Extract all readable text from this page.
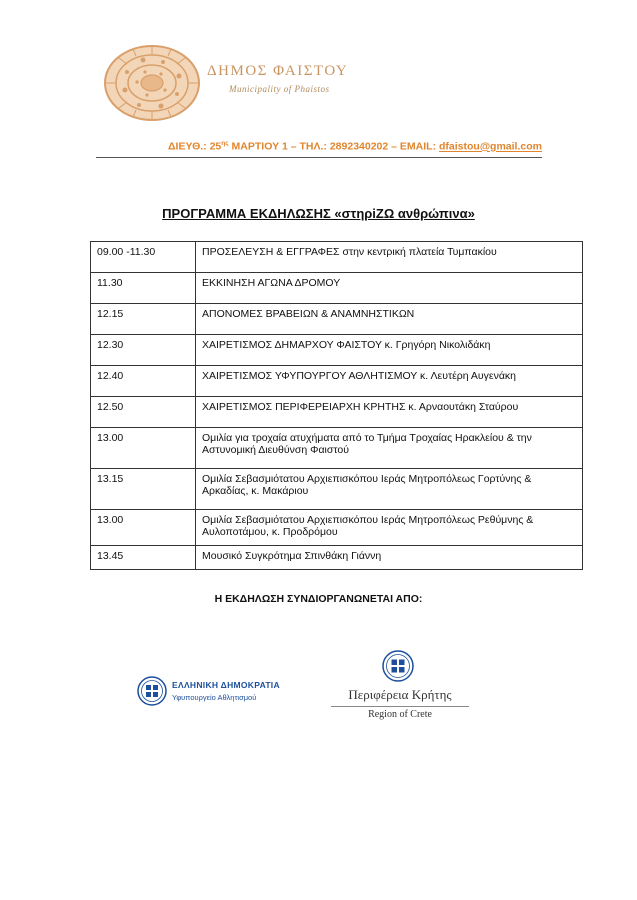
ΔΗΜΟΣ ΦΑΙΣΤΟΥ
Municipality of Phaistos
ΔΙΕΥΘ.: $25^{\eta\varsigma}$ ΜΑΡΤΙΟΥ 1 – ΤΗΛ.: 2892340202 – EMAIL: dfaistou@gmail.com
ΠΡΟΓΡΑΜΜΑ ΕΚΔΗΛΩΣΗΣ «στηρiΖΩ ανθρώπινα»
09.00 -11.30	ΠΡΟΣΕΛΕΥΣΗ & ΕΓΓΡΑΦΕΣ στην κεντρική πλατεία Τυμπακίου
11.30	ΕΚΚΙΝΗΣΗ ΑΓΩΝΑ ΔΡΟΜΟΥ
12.15	ΑΠΟΝΟΜΕΣ ΒΡΑΒΕΙΩΝ & ΑΝΑΜΝΗΣΤΙΚΩΝ
12.30	ΧΑΙΡΕΤΙΣΜΟΣ ΔΗΜΑΡΧΟΥ ΦΑΙΣΤΟΥ κ. Γρηγόρη Νικολιδάκη
12.40	ΧΑΙΡΕΤΙΣΜΟΣ ΥΦΥΠΟΥΡΓΟΥ ΑΘΛΗΤΙΣΜΟΥ κ. Λευτέρη Αυγενάκη
12.50	ΧΑΙΡΕΤΙΣΜΟΣ ΠΕΡΙΦΕΡΕΙΑΡΧΗ ΚΡΗΤΗΣ κ. Αρναουτάκη Σταύρου
13.00	Ομιλία για τροχαία ατυχήματα από το Τμήμα Τροχαίας Ηρακλείου & την Αστυνομική Διευθύνση Φαιστού
13.15	Ομιλία Σεβασμιότατου Αρχιεπισκόπου Ιεράς Μητροπόλεως Γορτύνης & Αρκαδίας, κ. Μακάριου
13.00	Ομιλία Σεβασμιότατου Αρχιεπισκόπου Ιεράς Μητροπόλεως Ρεθύμνης & Αυλοποτάμου, κ. Προδρόμου
13.45	Μουσικό Συγκρότημα Σπινθάκη Γιάννη
Η ΕΚΔΗΛΩΣΗ ΣΥΝΔΙΟΡΓΑΝΩΝΕΤΑΙ ΑΠΟ:
ΕΛΛΗΝΙΚΗ ΔΗΜΟΚΡΑΤΙΑ
Υφυπουργείο Αθλητισμού	Περιφέρεια Κρήτης
Region of Crete
